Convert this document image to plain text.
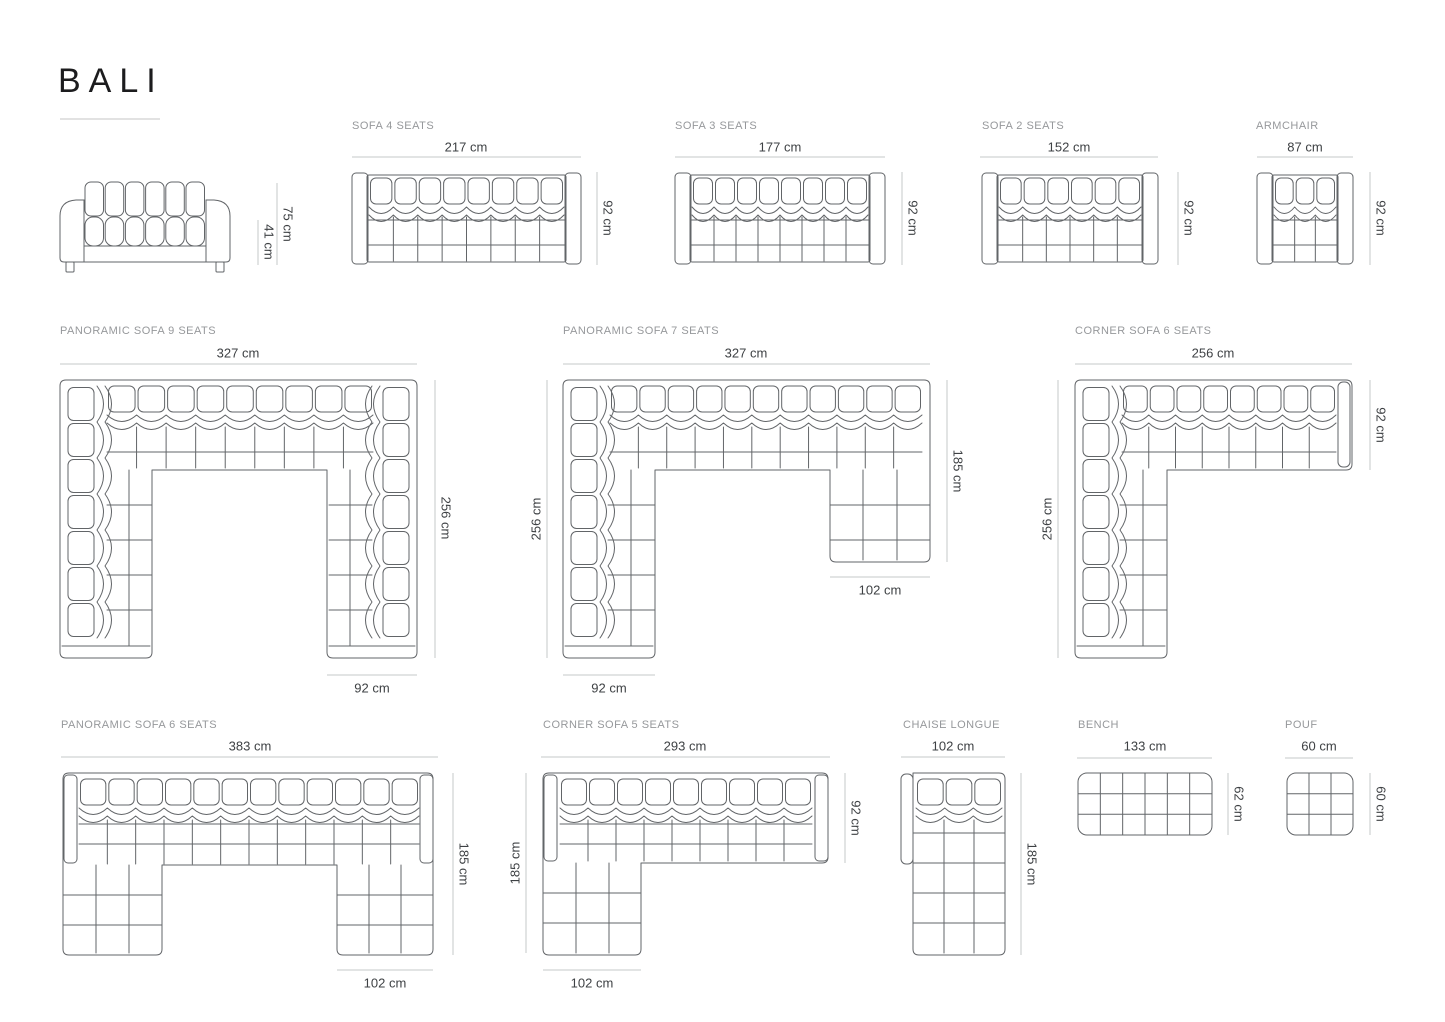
BALI
75 cm
41 cm
SOFA 4 SEATS
217 cm
92 cm
SOFA 3 SEATS
177 cm
92 cm
SOFA 2 SEATS
152 cm
92 cm
ARMCHAIR
87 cm
92 cm
PANORAMIC SOFA 9 SEATS
327 cm
256 cm
92 cm
PANORAMIC SOFA 7 SEATS
327 cm
256 cm
185 cm
102 cm
92 cm
CORNER SOFA 6 SEATS
256 cm
92 cm
256 cm
PANORAMIC SOFA 6 SEATS
383 cm
185 cm
102 cm
CORNER SOFA 5 SEATS
293 cm
185 cm
92 cm
102 cm
CHAISE LONGUE
102 cm
185 cm
BENCH
133 cm
62 cm
POUF
60 cm
60 cm
